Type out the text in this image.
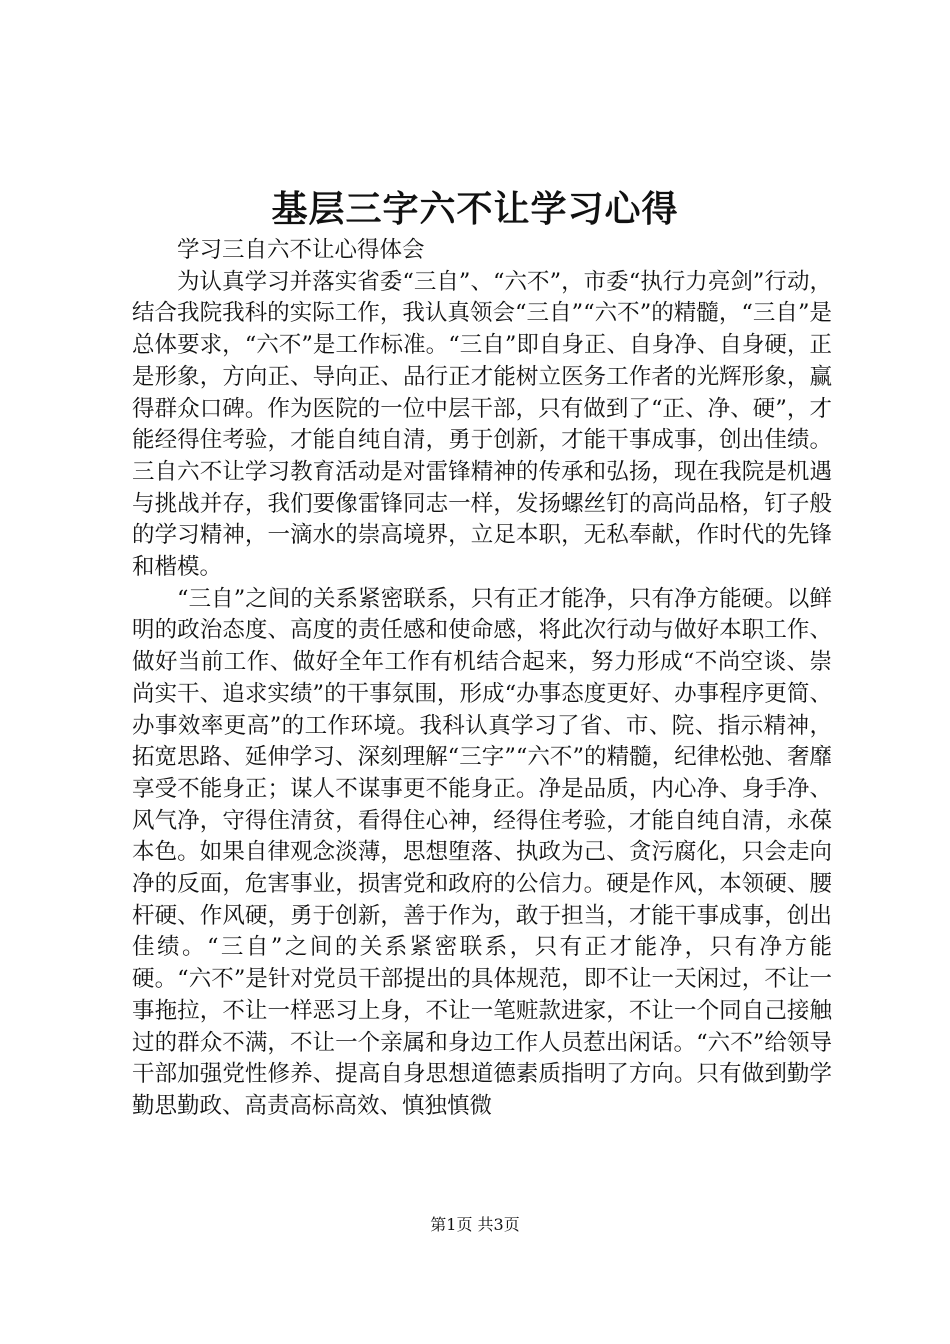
基层三字六不让学习心得

学习三自六不让心得体会

为认真学习并落实省委“三自”、“六不”，市委“执行力亮剑”行动，结合我院我科的实际工作，我认真领会“三自”“六不”的精髓，“三自”是总体要求，“六不”是工作标准。“三自”即自身正、自身净、自身硬，正是形象，方向正、导向正、品行正才能树立医务工作者的光辉形象，赢得群众口碑。作为医院的一位中层干部，只有做到了“正、净、硬”，才能经得住考验，才能自纯自清，勇于创新，才能干事成事，创出佳绩。三自六不让学习教育活动是对雷锋精神的传承和弘扬，现在我院是机遇与挑战并存，我们要像雷锋同志一样，发扬螺丝钉的高尚品格，钉子般的学习精神，一滴水的崇高境界，立足本职，无私奉献，作时代的先锋和楷模。

“三自”之间的关系紧密联系，只有正才能净，只有净方能硬。以鲜明的政治态度、高度的责任感和使命感，将此次行动与做好本职工作、做好当前工作、做好全年工作有机结合起来，努力形成“不尚空谈、崇尚实干、追求实绩”的干事氛围，形成“办事态度更好、办事程序更简、办事效率更高”的工作环境。我科认真学习了省、市、院、指示精神，拓宽思路、延伸学习、深刻理解“三字”“六不”的精髓，纪律松弛、奢靡享受不能身正；谋人不谋事更不能身正。净是品质，内心净、身手净、风气净，守得住清贫，看得住心神，经得住考验，才能自纯自清，永葆本色。如果自律观念淡薄，思想堕落、执政为己、贪污腐化，只会走向净的反面，危害事业，损害党和政府的公信力。硬是作风，本领硬、腰杆硬、作风硬，勇于创新，善于作为，敢于担当，才能干事成事，创出佳绩。“三自”之间的关系紧密联系，只有正才能净，只有净方能硬。“六不”是针对党员干部提出的具体规范，即不让一天闲过，不让一事拖拉，不让一样恶习上身，不让一笔赃款进家，不让一个同自己接触过的群众不满，不让一个亲属和身边工作人员惹出闲话。“六不”给领导干部加强党性修养、提高自身思想道德素质指明了方向。只有做到勤学勤思勤政、高责高标高效、慎独慎微

第1页 共3页
